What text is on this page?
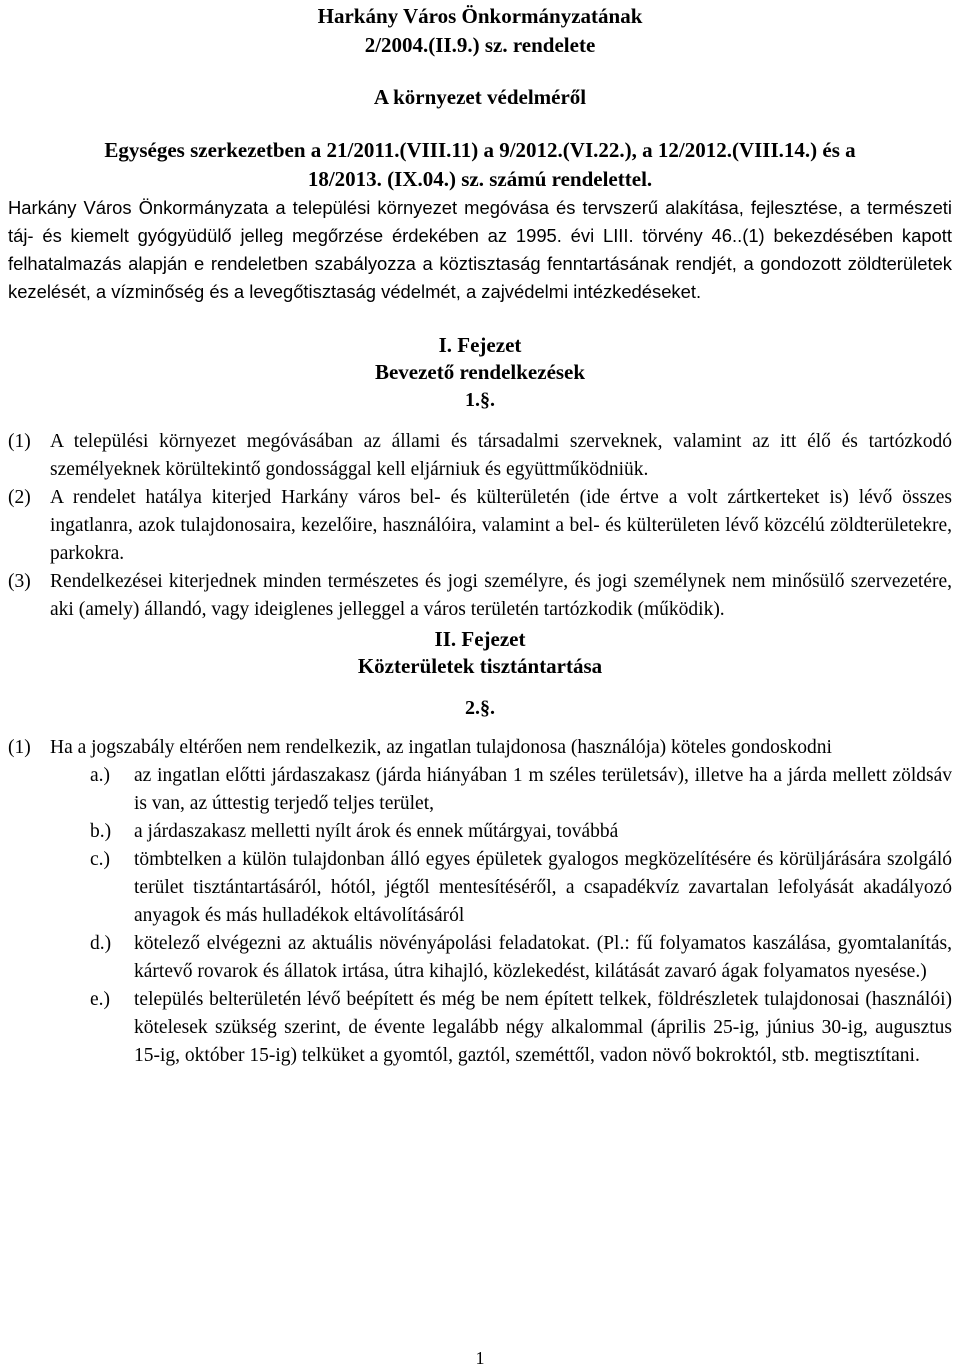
Harkány Város Önkormányzatának
2/2004.(II.9.) sz. rendelete
A környezet védelméről
Egységes szerkezetben a 21/2011.(VIII.11) a 9/2012.(VI.22.), a 12/2012.(VIII.14.) és a
18/2013. (IX.04.) sz. számú rendelettel.

Harkány Város Önkormányzata a települési környezet megóvása és tervszerű alakítása, fejlesztése, a természeti táj- és kiemelt gyógyüdülő jelleg megőrzése érdekében az 1995. évi LIII. törvény 46..(1) bekezdésében kapott felhatalmazás alapján e rendeletben szabályozza a köztisztaság fenntartásának rendjét, a gondozott zöldterületek kezelését, a vízminőség és a levegőtisztaság védelmét, a zajvédelmi intézkedéseket.

I. Fejezet
Bevezető rendelkezések
1.§.
(1) A települési környezet megóvásában az állami és társadalmi szerveknek, valamint az itt élő és tartózkodó személyeknek körültekintő gondossággal kell eljárniuk és együttműködniük.
(2) A rendelet hatálya kiterjed Harkány város bel- és külterületén (ide értve a volt zártkerteket is) lévő összes ingatlanra, azok tulajdonosaira, kezelőire, használóira, valamint a bel- és külterületen lévő közcélú zöldterületekre, parkokra.
(3) Rendelkezései kiterjednek minden természetes és jogi személyre, és jogi személynek nem minősülő szervezetére, aki (amely) állandó, vagy ideiglenes jelleggel a város területén tartózkodik (működik).
II. Fejezet
Közterületek tisztántartása
2.§.
(1) Ha a jogszabály eltérően nem rendelkezik, az ingatlan tulajdonosa (használója) köteles gondoskodni
a.)	az ingatlan előtti járdaszakasz (járda hiányában 1 m széles területsáv), illetve ha a járda mellett zöldsáv is van, az úttestig terjedő teljes terület,
b.)	a járdaszakasz melletti nyílt árok és ennek műtárgyai, továbbá
c.)	tömbtelken a külön tulajdonban álló egyes épületek gyalogos megközelítésére és körüljárására szolgáló terület tisztántartásáról, hótól, jégtől mentesítéséről, a csapadékvíz zavartalan lefolyását akadályozó anyagok és más hulladékok eltávolításáról
d.)	kötelező elvégezni az aktuális növényápolási feladatokat. (Pl.: fű folyamatos kaszálása, gyomtalanítás, kártevő rovarok és állatok irtása, útra kihajló, közlekedést, kilátását zavaró ágak folyamatos nyesése.)
e.)	település belterületén lévő beépített és még be nem épített telkek, földrészletek tulajdonosai (használói) kötelesek szükség szerint, de évente legalább négy alkalommal (április 25-ig, június 30-ig, augusztus 15-ig, október 15-ig) telküket a gyomtól, gaztól, szeméttől, vadon növő bokroktól, stb. megtisztítani.
1
